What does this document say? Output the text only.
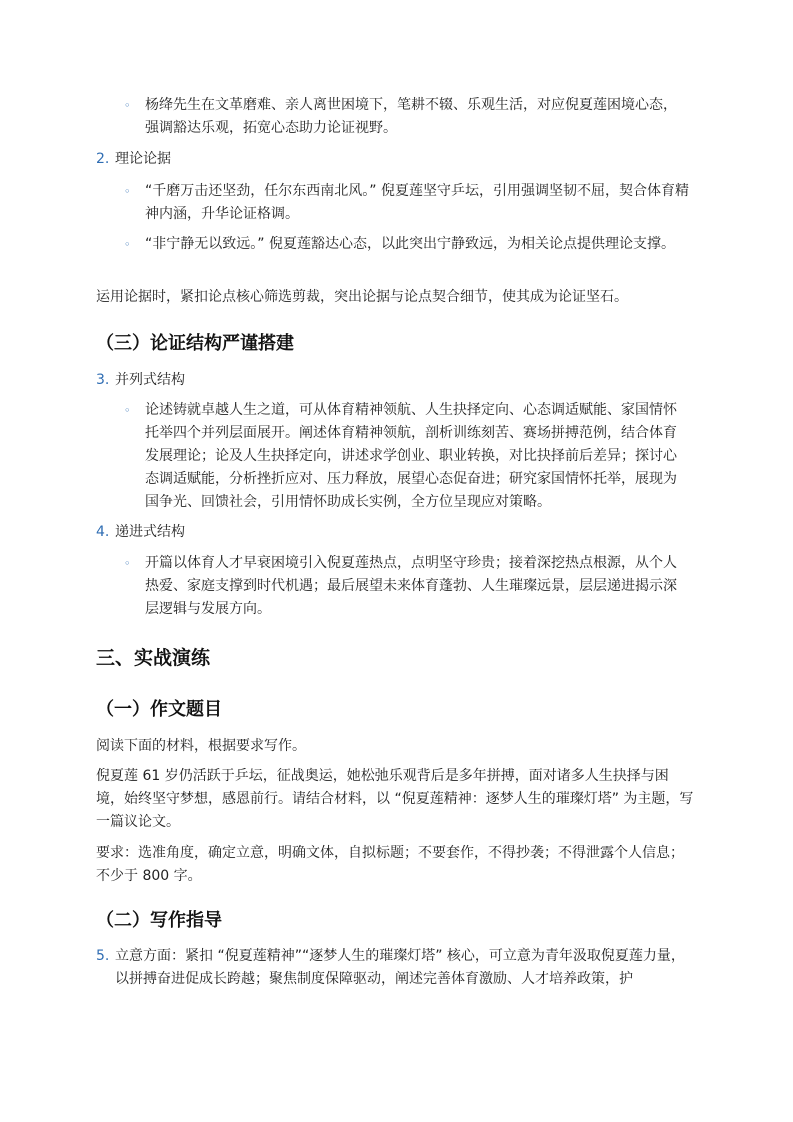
◦ 杨绛先生在文革磨难、亲人离世困境下，笔耕不辍、乐观生活，对应倪夏莲困境心态，强调豁达乐观，拓宽心态助力论证视野。
2. 理论论据
◦ “千磨万击还坚劲，任尔东西南北风。” 倪夏莲坚守乒坛，引用强调坚韧不屈，契合体育精神内涵，升华论证格调。
◦ “非宁静无以致远。” 倪夏莲豁达心态，以此突出宁静致远，为相关论点提供理论支撑。
运用论据时，紧扣论点核心筛选剪裁，突出论据与论点契合细节，使其成为论证坚石。
（三）论证结构严谨搭建
3. 并列式结构
◦ 论述铸就卓越人生之道，可从体育精神领航、人生抉择定向、心态调适赋能、家国情怀托举四个并列层面展开。阐述体育精神领航，剖析训练刻苦、赛场拼搏范例，结合体育发展理论；论及人生抉择定向，讲述求学创业、职业转换，对比抉择前后差异；探讨心态调适赋能，分析挫折应对、压力释放，展望心态促奋进；研究家国情怀托举，展现为国争光、回馈社会，引用情怀助成长实例，全方位呈现应对策略。
4. 递进式结构
◦ 开篇以体育人才早衰困境引入倪夏莲热点，点明坚守珍贵；接着深挖热点根源，从个人热爱、家庭支撑到时代机遇；最后展望未来体育蓬勃、人生璀璨远景，层层递进揭示深层逻辑与发展方向。
三、实战演练
（一）作文题目
阅读下面的材料，根据要求写作。
倪夏莲 61 岁仍活跃于乒坛，征战奥运，她松弛乐观背后是多年拼搏，面对诸多人生抉择与困境，始终坚守梦想，感恩前行。请结合材料，以 “倪夏莲精神：逐梦人生的璀璨灯塔” 为主题，写一篇议论文。
要求：选准角度，确定立意，明确文体，自拟标题；不要套作，不得抄袭；不得泄露个人信息；不少于 800 字。
（二）写作指导
5. 立意方面：紧扣 “倪夏莲精神”“逐梦人生的璀璨灯塔” 核心，可立意为青年汲取倪夏莲力量，以拼搏奋进促成长跨越；聚焦制度保障驱动，阐述完善体育激励、人才培养政策，护
